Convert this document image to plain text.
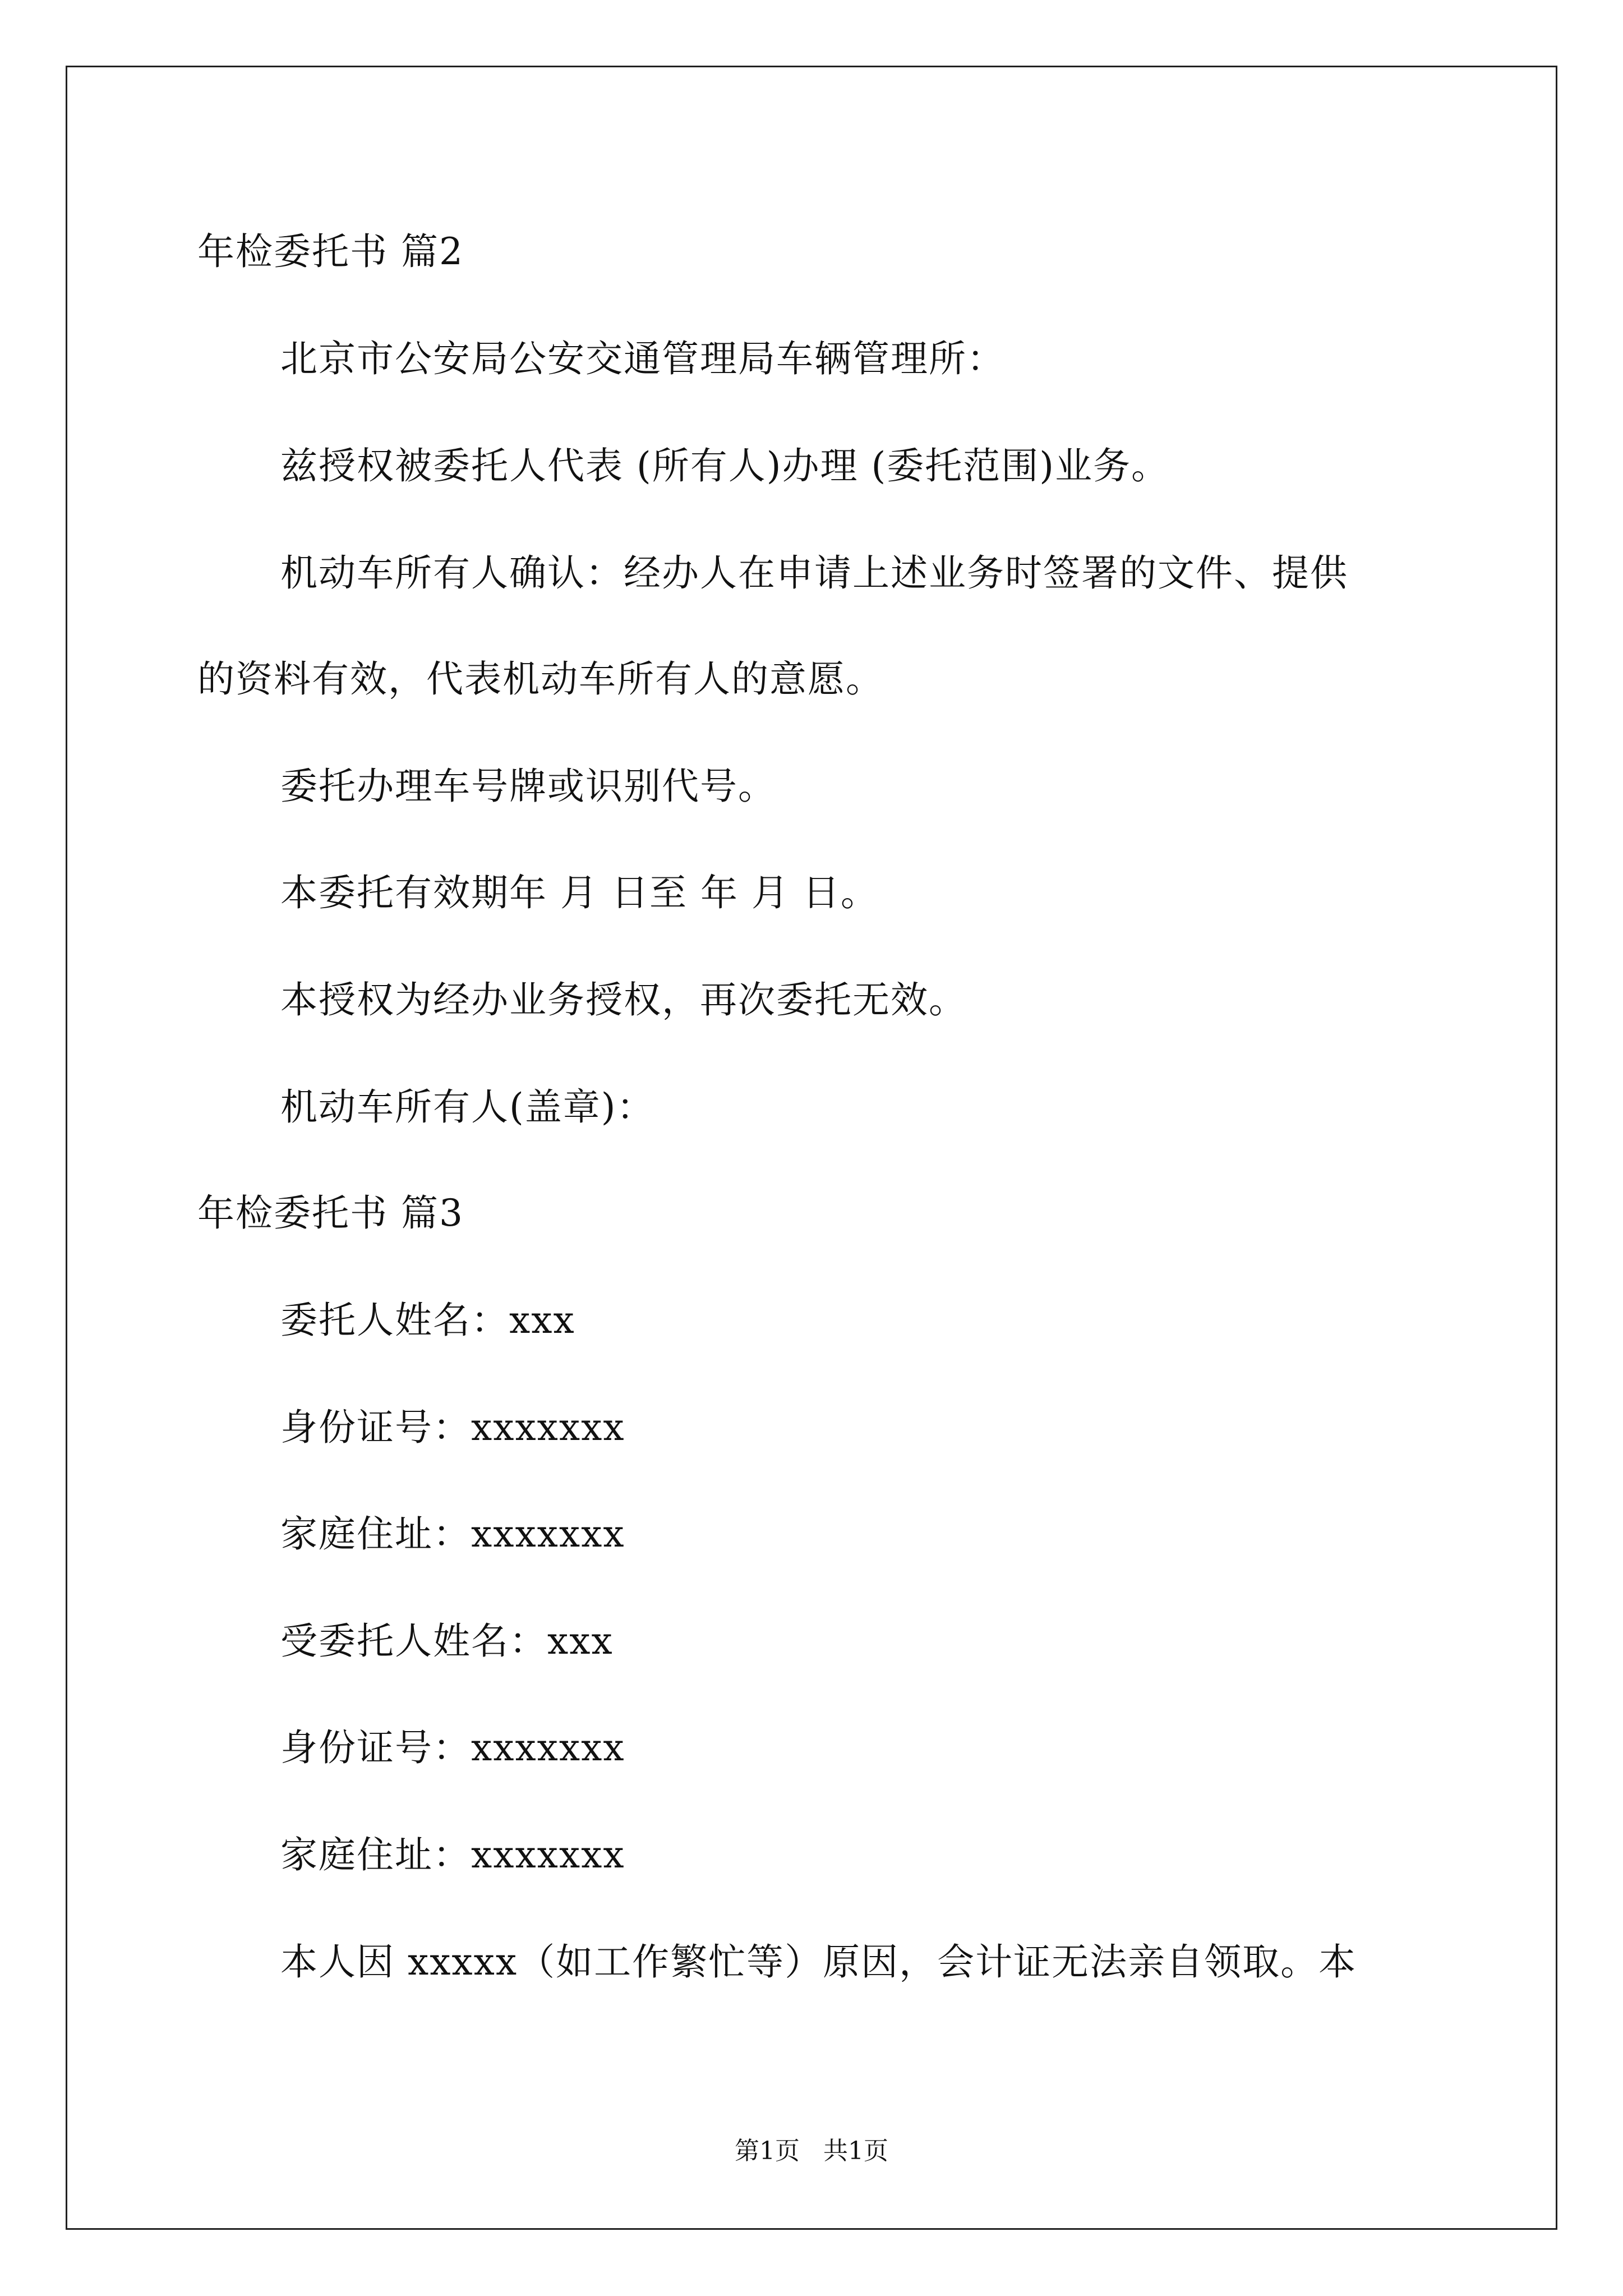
年检委托书 篇2
北京市公安局公安交通管理局车辆管理所：
兹授权被委托人代表 (所有人)办理 (委托范围)业务。
机动车所有人确认：经办人在申请上述业务时签署的文件、提供
的资料有效，代表机动车所有人的意愿。
委托办理车号牌或识别代号。
本委托有效期年 月 日至 年 月 日。
本授权为经办业务授权，再次委托无效。
机动车所有人(盖章)：
年检委托书 篇3
委托人姓名：xxx
身份证号：xxxxxxx
家庭住址：xxxxxxx
受委托人姓名：xxx
身份证号：xxxxxxx
家庭住址：xxxxxxx
本人因 xxxxx（如工作繁忙等）原因，会计证无法亲自领取。本
第1页   共1页
